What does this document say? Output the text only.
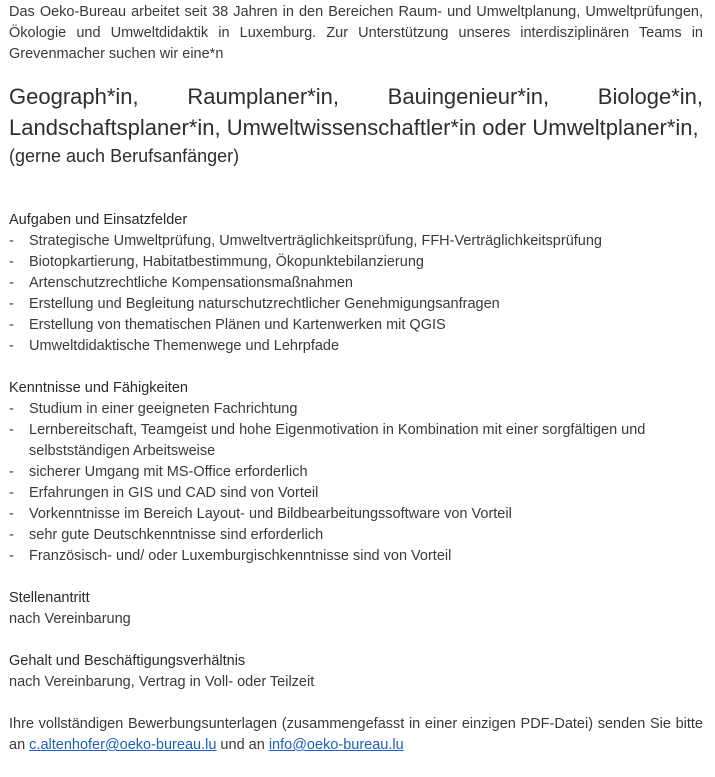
Das Oeko-Bureau arbeitet seit 38 Jahren in den Bereichen Raum- und Umweltplanung, Umweltprüfungen, Ökologie und Umweltdidaktik in Luxemburg. Zur Unterstützung unseres interdisziplinären Teams in Grevenmacher suchen wir eine*n

Geograph*in, Raumplaner*in, Bauingenieur*in, Biologe*in, Landschaftsplaner*in, Umweltwissenschaftler*in oder Umweltplaner*in,

(gerne auch Berufsanfänger)

Aufgaben und Einsatzfelder

- Strategische Umweltprüfung, Umweltverträglichkeitsprüfung, FFH-Verträglichkeitsprüfung
- Biotopkartierung, Habitatbestimmung, Ökopunktebilanzierung
- Artenschutzrechtliche Kompensationsmaßnahmen
- Erstellung und Begleitung naturschutzrechtlicher Genehmigungsanfragen
- Erstellung von thematischen Plänen und Kartenwerken mit QGIS
- Umweltdidaktische Themenwege und Lehrpfade

Kenntnisse und Fähigkeiten

- Studium in einer geeigneten Fachrichtung
- Lernbereitschaft, Teamgeist und hohe Eigenmotivation in Kombination mit einer sorgfältigen und selbstständigen Arbeitsweise
- sicherer Umgang mit MS-Office erforderlich
- Erfahrungen in GIS und CAD sind von Vorteil
- Vorkenntnisse im Bereich Layout- und Bildbearbeitungssoftware von Vorteil
- sehr gute Deutschkenntnisse sind erforderlich
- Französisch- und/ oder Luxemburgischkenntnisse sind von Vorteil

Stellenantritt

nach Vereinbarung

Gehalt und Beschäftigungsverhältnis

nach Vereinbarung, Vertrag in Voll- oder Teilzeit

Ihre vollständigen Bewerbungsunterlagen (zusammengefasst in einer einzigen PDF-Datei) senden Sie bitte an c.altenhofer@oeko-bureau.lu und an info@oeko-bureau.lu
